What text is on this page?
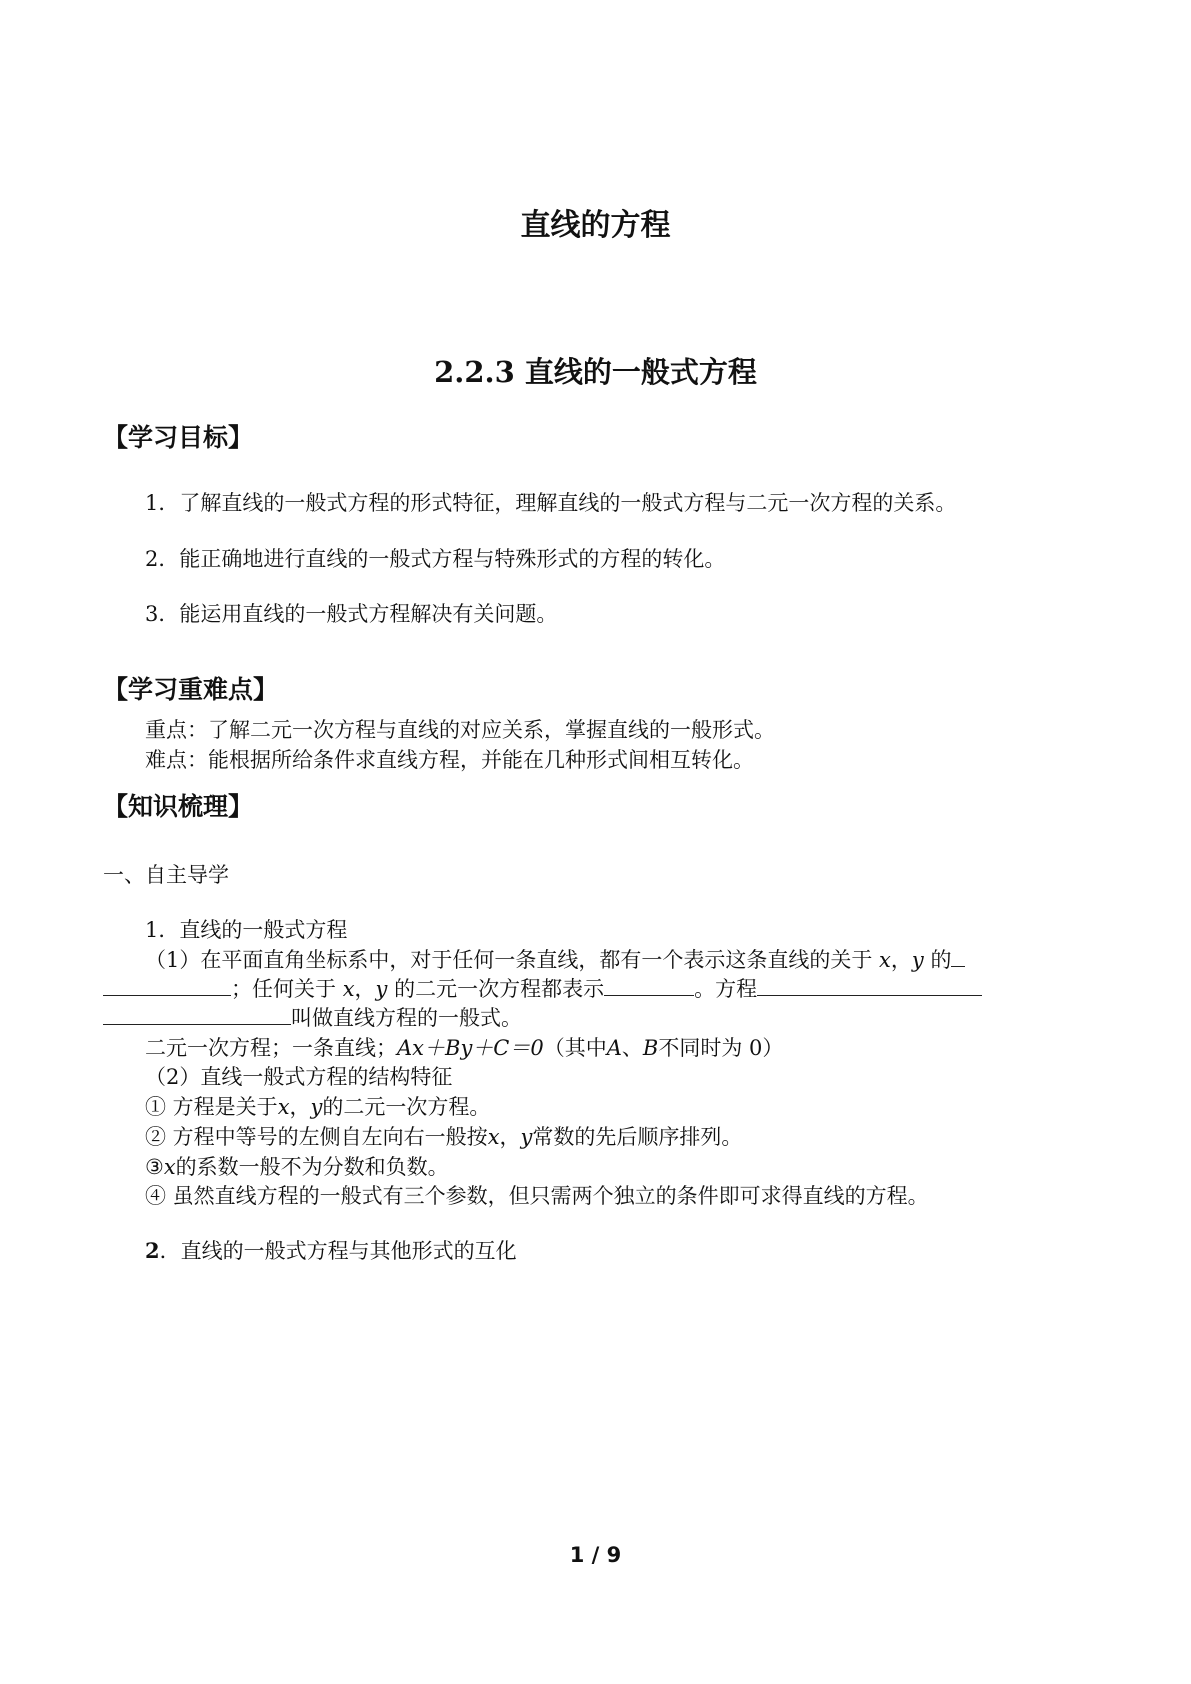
直线的方程
2.2.3 直线的一般式方程
【学习目标】
1．了解直线的一般式方程的形式特征，理解直线的一般式方程与二元一次方程的关系。
2．能正确地进行直线的一般式方程与特殊形式的方程的转化。
3．能运用直线的一般式方程解决有关问题。
【学习重难点】
重点：了解二元一次方程与直线的对应关系，掌握直线的一般形式。
难点：能根据所给条件求直线方程，并能在几种形式间相互转化。
【知识梳理】
一、自主导学
1．直线的一般式方程
（1）在平面直角坐标系中，对于任何一条直线，都有一个表示这条直线的关于 x，y 的
；任何关于 x，y 的二元一次方程都表示	。方程
叫做直线方程的一般式。
二元一次方程；一条直线；Ax＋By＋C＝0（其中A、B不同时为 0）
（2）直线一般式方程的结构特征
① 方程是关于x，y的二元一次方程。
② 方程中等号的左侧自左向右一般按x，y常数的先后顺序排列。
③x的系数一般不为分数和负数。
④ 虽然直线方程的一般式有三个参数，但只需两个独立的条件即可求得直线的方程。
2．直线的一般式方程与其他形式的互化
1 / 9
